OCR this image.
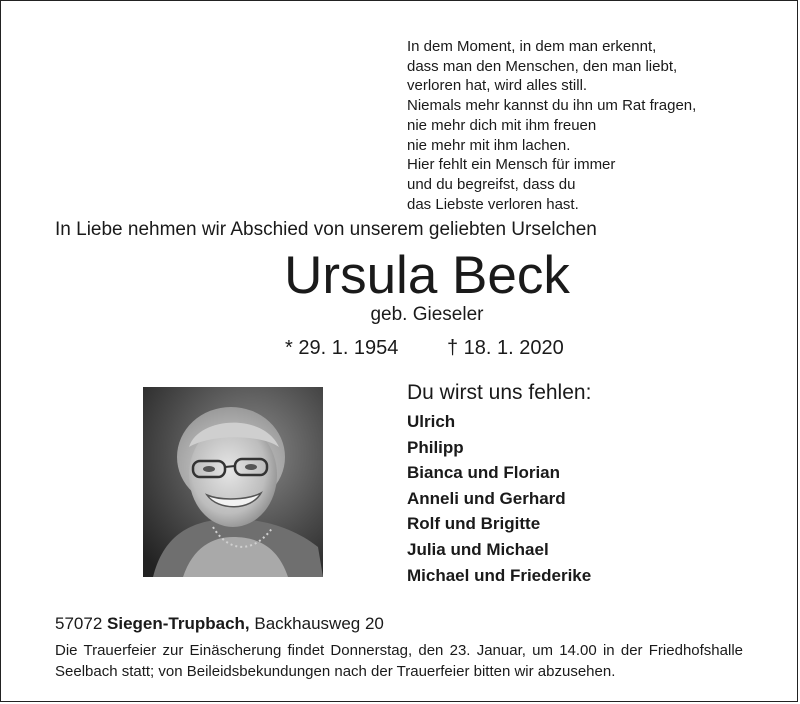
In dem Moment, in dem man erkennt,
dass man den Menschen, den man liebt,
verloren hat, wird alles still.
Niemals mehr kannst du ihn um Rat fragen,
nie mehr dich mit ihm freuen
nie mehr mit ihm lachen.
Hier fehlt ein Mensch für immer
und du begreifst, dass du
das Liebste verloren hast.
In Liebe nehmen wir Abschied von unserem geliebten Urselchen
Ursula Beck
geb. Gieseler
* 29. 1. 1954 † 18. 1. 2020
Du wirst uns fehlen:
Ulrich
Philipp
Bianca und Florian
Anneli und Gerhard
Rolf und Brigitte
Julia und Michael
Michael und Friederike
57072 Siegen-Trupbach, Backhausweg 20
Die Trauerfeier zur Einäscherung findet Donnerstag, den 23. Januar, um 14.00 in der Friedhofshalle Seelbach statt; von Beileidsbekundungen nach der Trauerfeier bitten wir abzusehen.
